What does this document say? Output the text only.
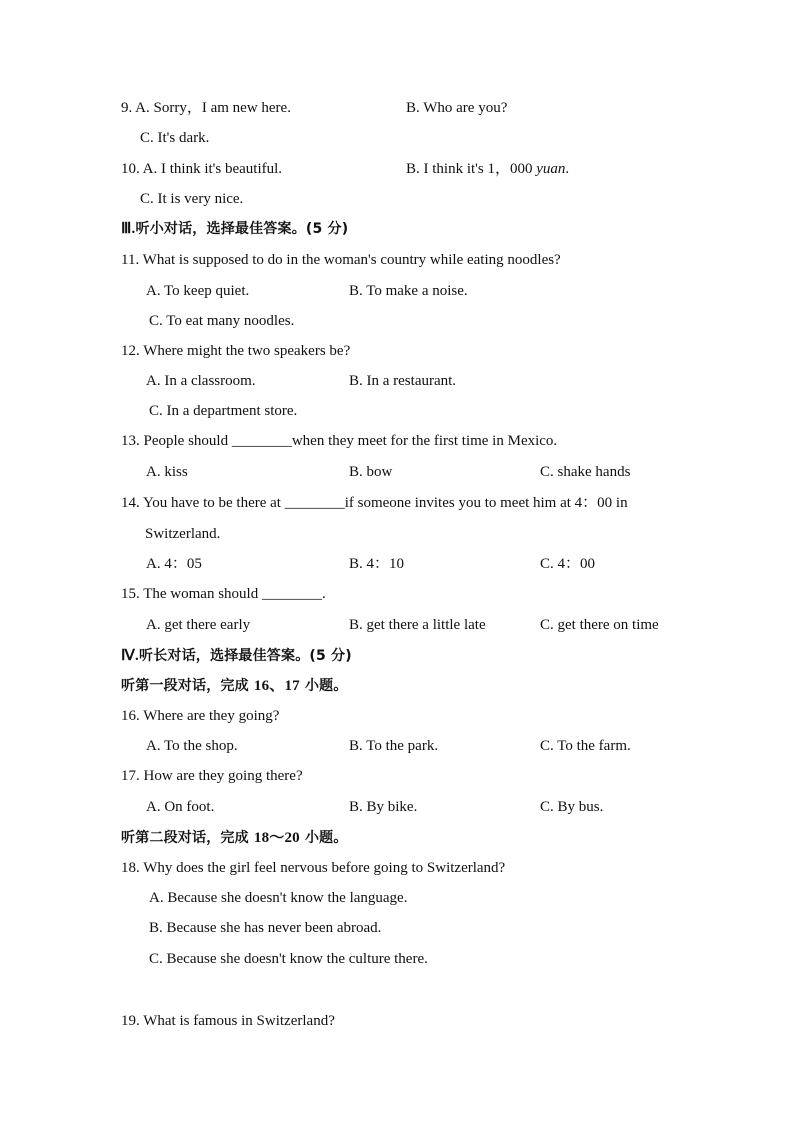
9. A. Sorry，I am new here.	B. Who are you?
C. It's dark.
10. A. I think it's beautiful.	B. I think it's 1，000 yuan.
C. It is very nice.
Ⅲ.听小对话，选择最佳答案。(5 分)
11. What is supposed to do in the woman's country while eating noodles?
A. To keep quiet.	B. To make a noise.
C. To eat many noodles.
12. Where might the two speakers be?
A. In a classroom.	B. In a restaurant.
C. In a department store.
13. People should ________when they meet for the first time in Mexico.
A. kiss	B. bow	C. shake hands
14. You have to be there at ________if someone invites you to meet him at 4：00 in
Switzerland.
A. 4：05	B. 4：10	C. 4：00
15. The woman should ________.
A. get there early	B. get there a little late	C. get there on time
Ⅳ.听长对话，选择最佳答案。(5 分)
听第一段对话，完成 16、17 小题。
16. Where are they going?
A. To the shop.	B. To the park.	C. To the farm.
17. How are they going there?
A. On foot.	B. By bike.	C. By bus.
听第二段对话，完成 18～20 小题。
18. Why does the girl feel nervous before going to Switzerland?
A. Because she doesn't know the language.
B. Because she has never been abroad.
C. Because she doesn't know the culture there.
19. What is famous in Switzerland?
